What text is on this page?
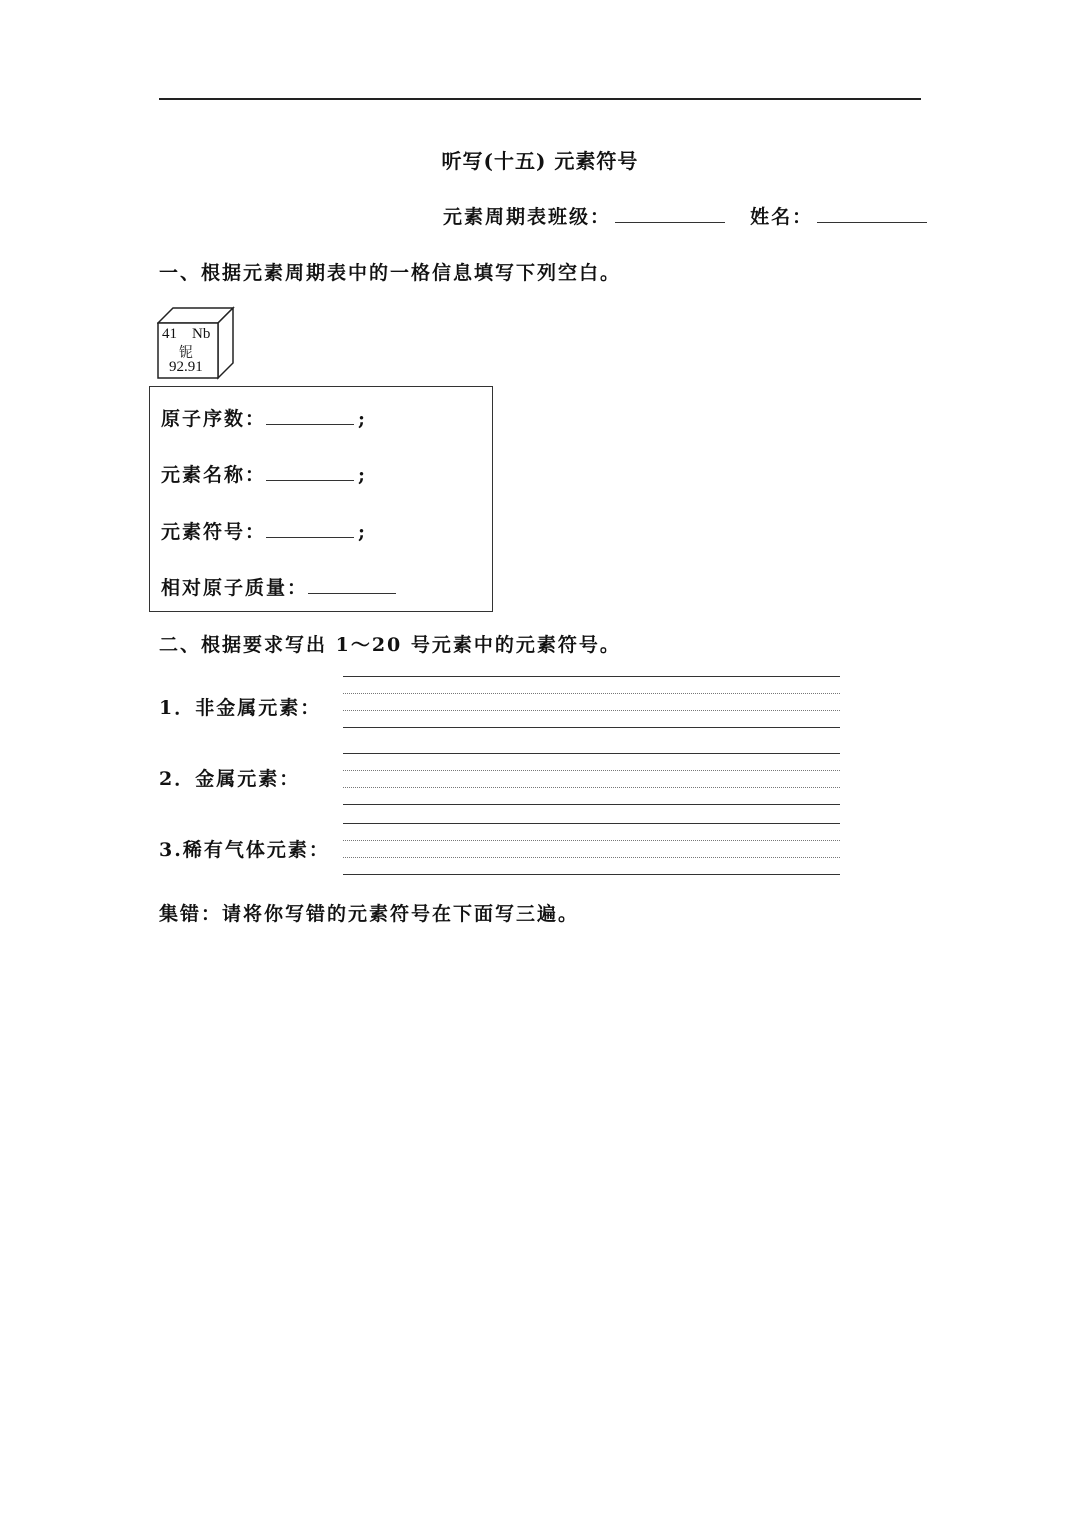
听写(十五) 元素符号
元素周期表班级：	姓名：
一、根据元素周期表中的一格信息填写下列空白。
41 Nb
铌
92.91
原子序数：	;
元素名称：	;
元素符号：	;
相对原子质量：
二、根据要求写出 1～20 号元素中的元素符号。
1．非金属元素：
2．金属元素：
3.稀有气体元素：
集错：请将你写错的元素符号在下面写三遍。
